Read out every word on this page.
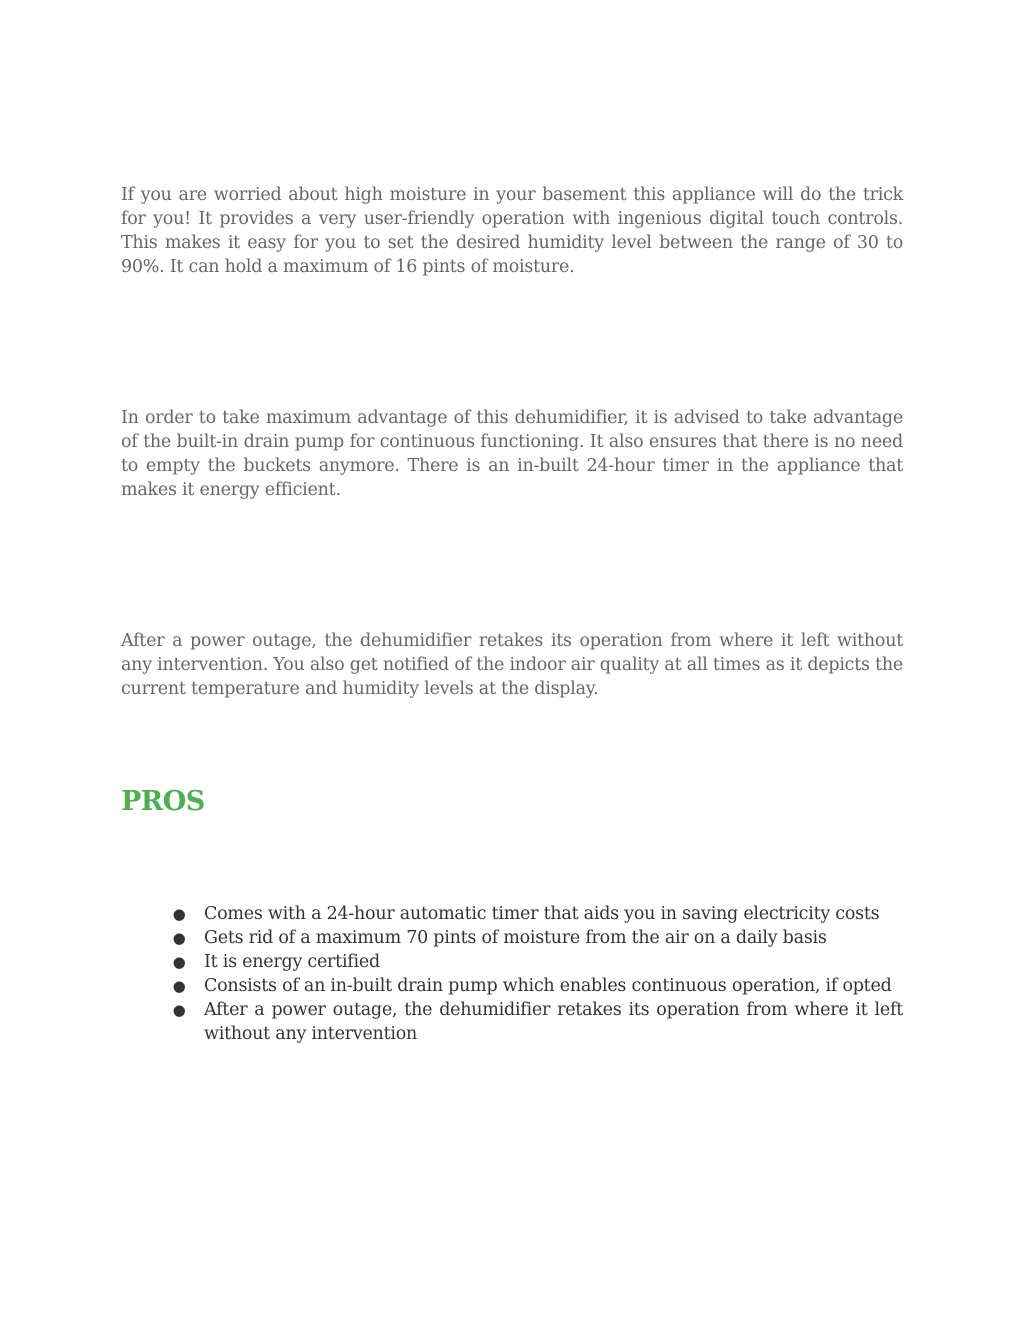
If you are worried about high moisture in your basement this appliance will do the trick for you! It provides a very user-friendly operation with ingenious digital touch controls. This makes it easy for you to set the desired humidity level between the range of 30 to 90%. It can hold a maximum of 16 pints of moisture.

In order to take maximum advantage of this dehumidifier, it is advised to take advantage of the built-in drain pump for continuous functioning. It also ensures that there is no need to empty the buckets anymore. There is an in-built 24-hour timer in the appliance that makes it energy efficient.

After a power outage, the dehumidifier retakes its operation from where it left without any intervention. You also get notified of the indoor air quality at all times as it depicts the current temperature and humidity levels at the display.

PROS
● Comes with a 24-hour automatic timer that aids you in saving electricity costs
● Gets rid of a maximum 70 pints of moisture from the air on a daily basis
● It is energy certified
● Consists of an in-built drain pump which enables continuous operation, if opted
● After a power outage, the dehumidifier retakes its operation from where it left without any intervention
